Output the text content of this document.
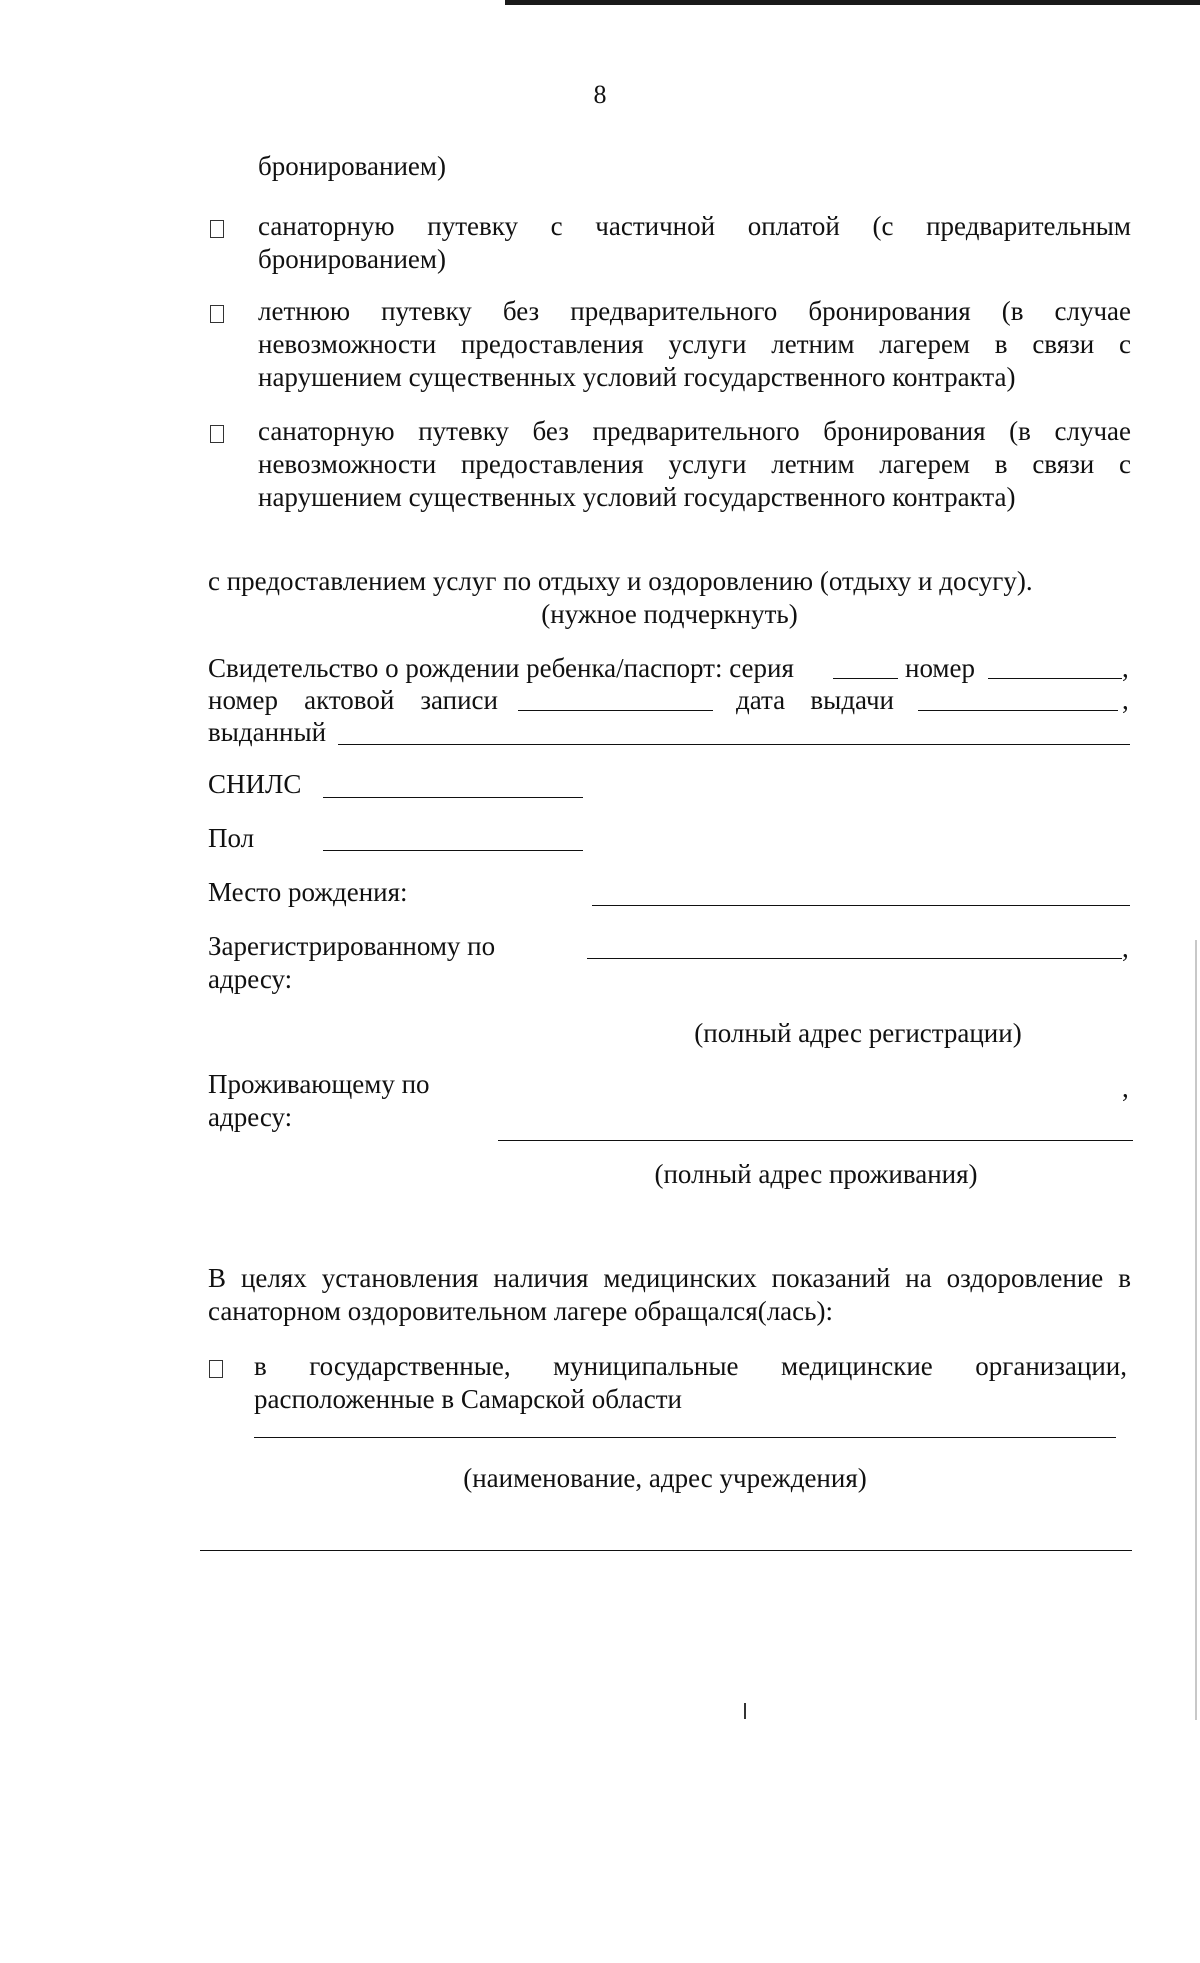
8
бронированием)
санаторную путевку с частичной оплатой (с предварительным
бронированием)
летнюю путевку без предварительного бронирования (в случае
невозможности предоставления услуги летним лагерем в связи с
нарушением существенных условий государственного контракта)
санаторную путевку без предварительного бронирования (в случае
невозможности предоставления услуги летним лагерем в связи с
нарушением существенных условий государственного контракта)
с предоставлением услуг по отдыху и оздоровлению (отдыху и досугу).
(нужное подчеркнуть)
Свидетельство о рождении ребенка/паспорт: серия	номер	,
номер актовой записи	дата выдачи	,
выданный
СНИЛС
Пол
Место рождения:
Зарегистрированному по
адресу:
,
(полный адрес регистрации)
Проживающему по
адресу:
,
(полный адрес проживания)
В целях установления наличия медицинских показаний на оздоровление в
санаторном оздоровительном лагере обращался(лась):
в государственные, муниципальные медицинские организации,
расположенные в Самарской области
(наименование, адрес учреждения)
